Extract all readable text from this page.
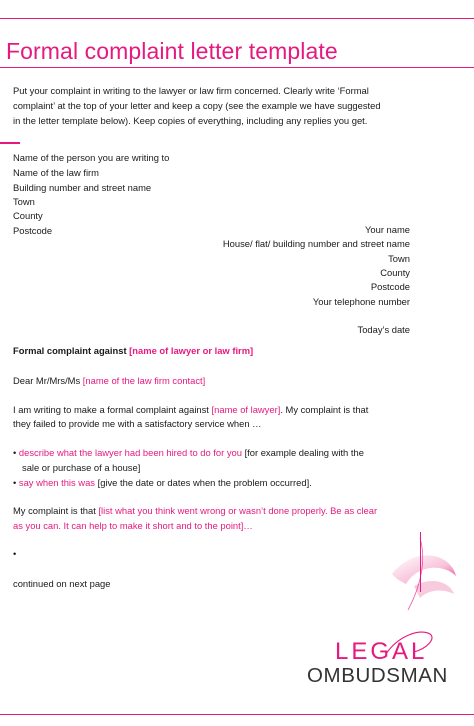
Formal complaint letter template
Put your complaint in writing to the lawyer or law firm concerned. Clearly write ‘Formal
complaint’ at the top of your letter and keep a copy (see the example we have suggested
in the letter template below). Keep copies of everything, including any replies you get.
Name of the person you are writing to
Name of the law firm
Building number and street name
Town
County
Postcode	Your name
House/ flat/ building number and street name
Town
County
Postcode
Your telephone number
Today’s date
Formal complaint against [name of lawyer or law firm]
Dear Mr/Mrs/Ms [name of the law firm contact]
I am writing to make a formal complaint against [name of lawyer]. My complaint is that
they failed to provide me with a satisfactory service when …
• describe what the lawyer had been hired to do for you [for example dealing with the
sale or purchase of a house]
• say when this was [give the date or dates when the problem occurred].
My complaint is that [list what you think went wrong or wasn’t done properly. Be as clear
as you can. It can help to make it short and to the point]…
•
continued on next page
LEGAL
OMBUDSMAN
